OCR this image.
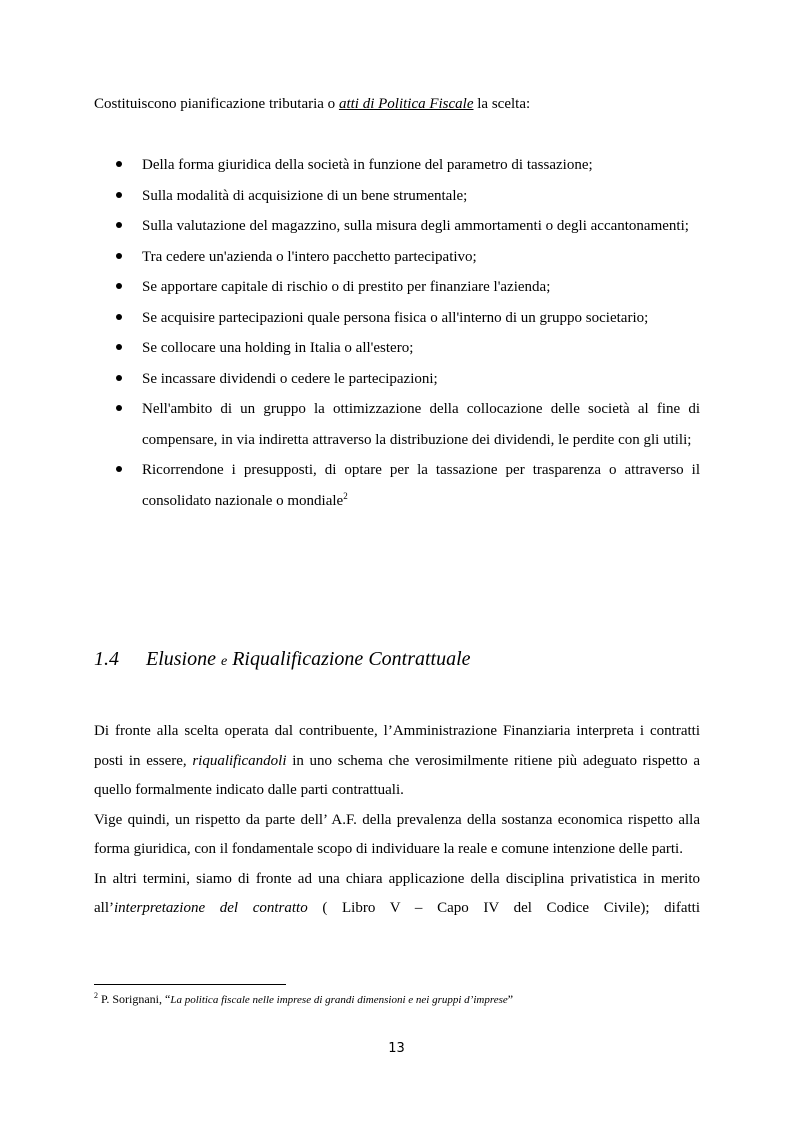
Costituiscono pianificazione tributaria o atti di Politica Fiscale la scelta:

Della forma giuridica della società in funzione del parametro di tassazione;
Sulla modalità di acquisizione di un bene strumentale;
Sulla valutazione del magazzino, sulla misura degli ammortamenti o degli accantonamenti;
Tra cedere un'azienda o l'intero pacchetto partecipativo;
Se apportare capitale di rischio o di prestito per finanziare l'azienda;
Se acquisire partecipazioni quale persona fisica o all'interno di un gruppo societario;
Se collocare una holding in Italia o all'estero;
Se incassare dividendi o cedere le partecipazioni;
Nell'ambito di un gruppo la ottimizzazione della collocazione delle società al fine di compensare, in via indiretta attraverso la distribuzione dei dividendi, le perdite con gli utili;
Ricorrendone i presupposti, di optare per la tassazione per trasparenza o attraverso il consolidato nazionale o mondiale$^2$
1.4 Elusione e Riqualificazione Contrattuale

Di fronte alla scelta operata dal contribuente, l’Amministrazione Finanziaria interpreta i contratti posti in essere, riqualificandoli in uno schema che verosimilmente ritiene più adeguato rispetto a quello formalmente indicato dalle parti contrattuali.

Vige quindi, un rispetto da parte dell’ A.F. della prevalenza della sostanza economica rispetto alla forma giuridica, con il fondamentale scopo di individuare la reale e comune intenzione delle parti.

In altri termini, siamo di fronte ad una chiara applicazione della disciplina privatistica in merito all’interpretazione del contratto ( Libro V – Capo IV del Codice Civile); difatti

$^2$ P. Sorignani, “La politica fiscale nelle imprese di grandi dimensioni e nei gruppi d’imprese”

13
